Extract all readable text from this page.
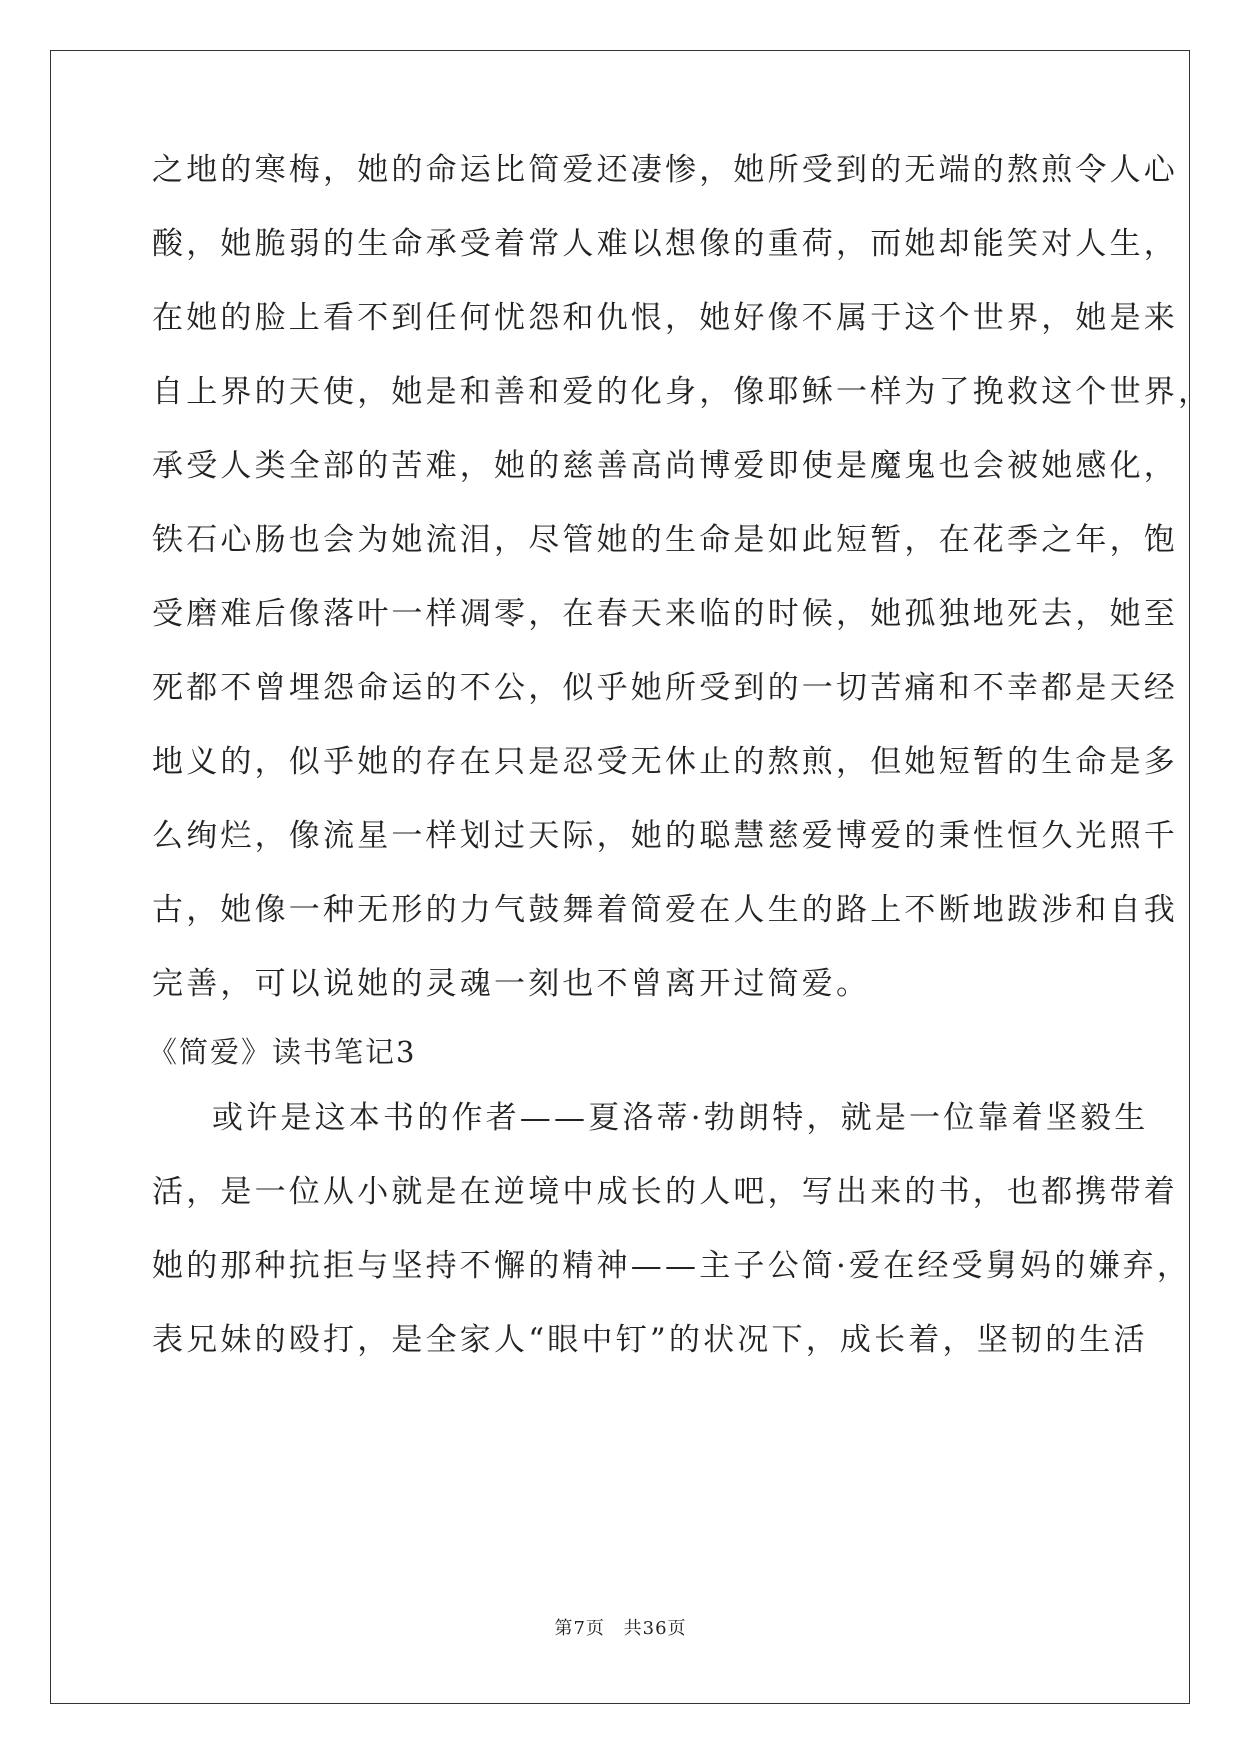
之地的寒梅，她的命运比简爱还凄惨，她所受到的无端的熬煎令人心
酸，她脆弱的生命承受着常人难以想像的重荷，而她却能笑对人生，
在她的脸上看不到任何忧怨和仇恨，她好像不属于这个世界，她是来
自上界的天使，她是和善和爱的化身，像耶稣一样为了挽救这个世界，
承受人类全部的苦难，她的慈善高尚博爱即使是魔鬼也会被她感化，
铁石心肠也会为她流泪，尽管她的生命是如此短暂，在花季之年，饱
受磨难后像落叶一样凋零，在春天来临的时候，她孤独地死去，她至
死都不曾埋怨命运的不公，似乎她所受到的一切苦痛和不幸都是天经
地义的，似乎她的存在只是忍受无休止的熬煎，但她短暂的生命是多
么绚烂，像流星一样划过天际，她的聪慧慈爱博爱的秉性恒久光照千
古，她像一种无形的力气鼓舞着简爱在人生的路上不断地跋涉和自我
完善，可以说她的灵魂一刻也不曾离开过简爱。
《简爱》读书笔记3
或许是这本书的作者——夏洛蒂·勃朗特，就是一位靠着坚毅生
活，是一位从小就是在逆境中成长的人吧，写出来的书，也都携带着
她的那种抗拒与坚持不懈的精神——主子公简·爱在经受舅妈的嫌弃，
表兄妹的殴打，是全家人“眼中钉”的状况下，成长着，坚韧的生活
第7页 共36页
